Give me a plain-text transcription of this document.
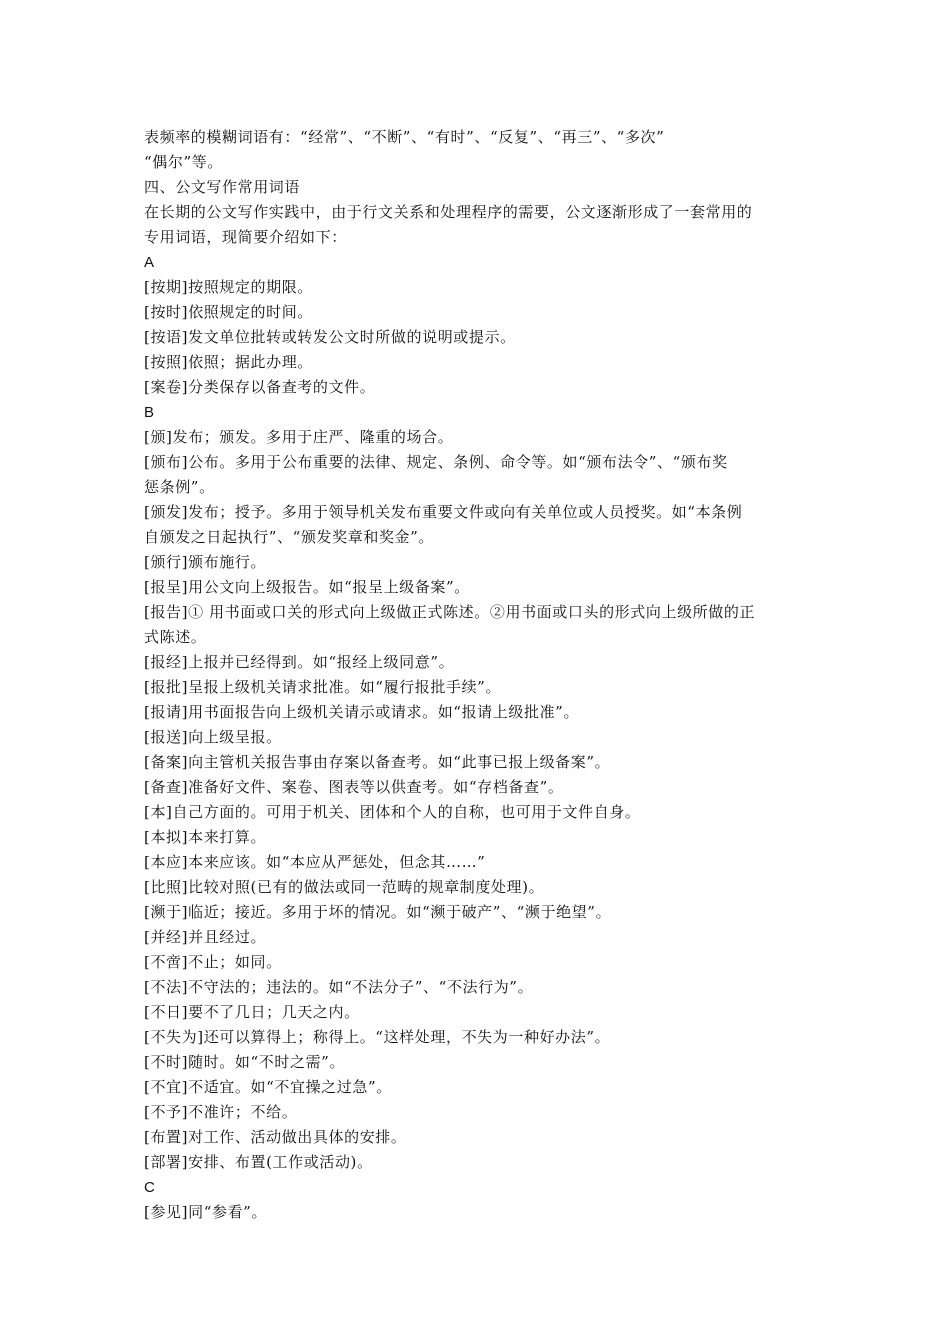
表频率的模糊词语有：“经常”、“不断”、“有时”、“反复”、“再三”、“多次”
“偶尔”等。
四、公文写作常用词语
在长期的公文写作实践中，由于行文关系和处理程序的需要，公文逐渐形成了一套常用的
专用词语，现简要介绍如下：
A
[按期]按照规定的期限。
[按时]依照规定的时间。
[按语]发文单位批转或转发公文时所做的说明或提示。
[按照]依照；据此办理。
[案卷]分类保存以备查考的文件。
B
[颁]发布；颁发。多用于庄严、隆重的场合。
[颁布]公布。多用于公布重要的法律、规定、条例、命令等。如“颁布法令”、“颁布奖
惩条例”。
[颁发]发布；授予。多用于领导机关发布重要文件或向有关单位或人员授奖。如“本条例
自颁发之日起执行”、“颁发奖章和奖金”。
[颁行]颁布施行。
[报呈]用公文向上级报告。如“报呈上级备案”。
[报告]① 用书面或口关的形式向上级做正式陈述。②用书面或口头的形式向上级所做的正
式陈述。
[报经]上报并已经得到。如“报经上级同意”。
[报批]呈报上级机关请求批准。如“履行报批手续”。
[报请]用书面报告向上级机关请示或请求。如“报请上级批准”。
[报送]向上级呈报。
[备案]向主管机关报告事由存案以备查考。如“此事已报上级备案”。
[备查]准备好文件、案卷、图表等以供查考。如“存档备查”。
[本]自己方面的。可用于机关、团体和个人的自称，也可用于文件自身。
[本拟]本来打算。
[本应]本来应该。如“本应从严惩处，但念其……”
[比照]比较对照(已有的做法或同一范畴的规章制度处理)。
[濒于]临近；接近。多用于坏的情况。如“濒于破产”、“濒于绝望”。
[并经]并且经过。
[不啻]不止；如同。
[不法]不守法的；违法的。如“不法分子”、“不法行为”。
[不日]要不了几日；几天之内。
[不失为]还可以算得上；称得上。“这样处理，不失为一种好办法”。
[不时]随时。如“不时之需”。
[不宜]不适宜。如“不宜操之过急”。
[不予]不准许；不给。
[布置]对工作、活动做出具体的安排。
[部署]安排、布置(工作或活动)。
C
[参见]同“参看”。
